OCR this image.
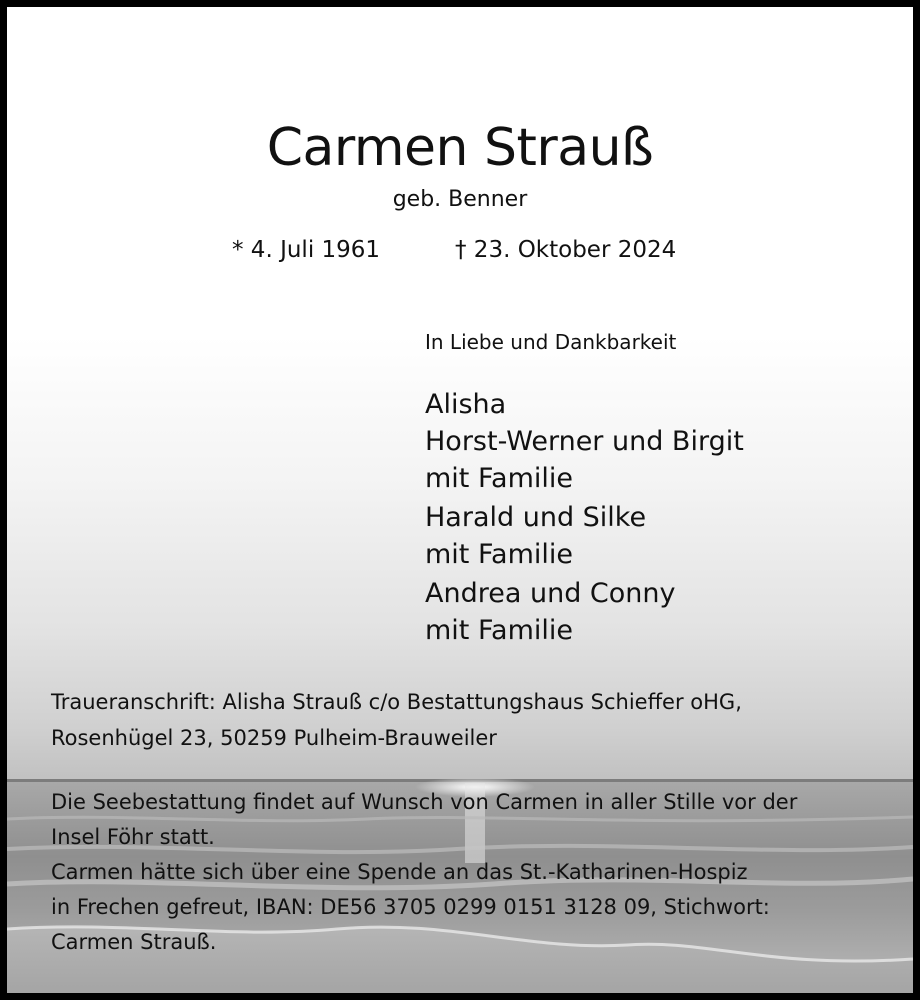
Carmen Strauß
geb. Benner
* 4. Juli 1961	† 23. Oktober 2024
In Liebe und Dankbarkeit
Alisha
Horst-Werner und Birgit
mit Familie
Harald und Silke
mit Familie
Andrea und Conny
mit Familie
Traueranschrift: Alisha Strauß c/o Bestattungshaus Schieffer oHG,
Rosenhügel 23, 50259 Pulheim-Brauweiler
Die Seebestattung findet auf Wunsch von Carmen in aller Stille vor der
Insel Föhr statt.
Carmen hätte sich über eine Spende an das St.-Katharinen-Hospiz
in Frechen gefreut, IBAN: DE56 3705 0299 0151 3128 09, Stichwort:
Carmen Strauß.
